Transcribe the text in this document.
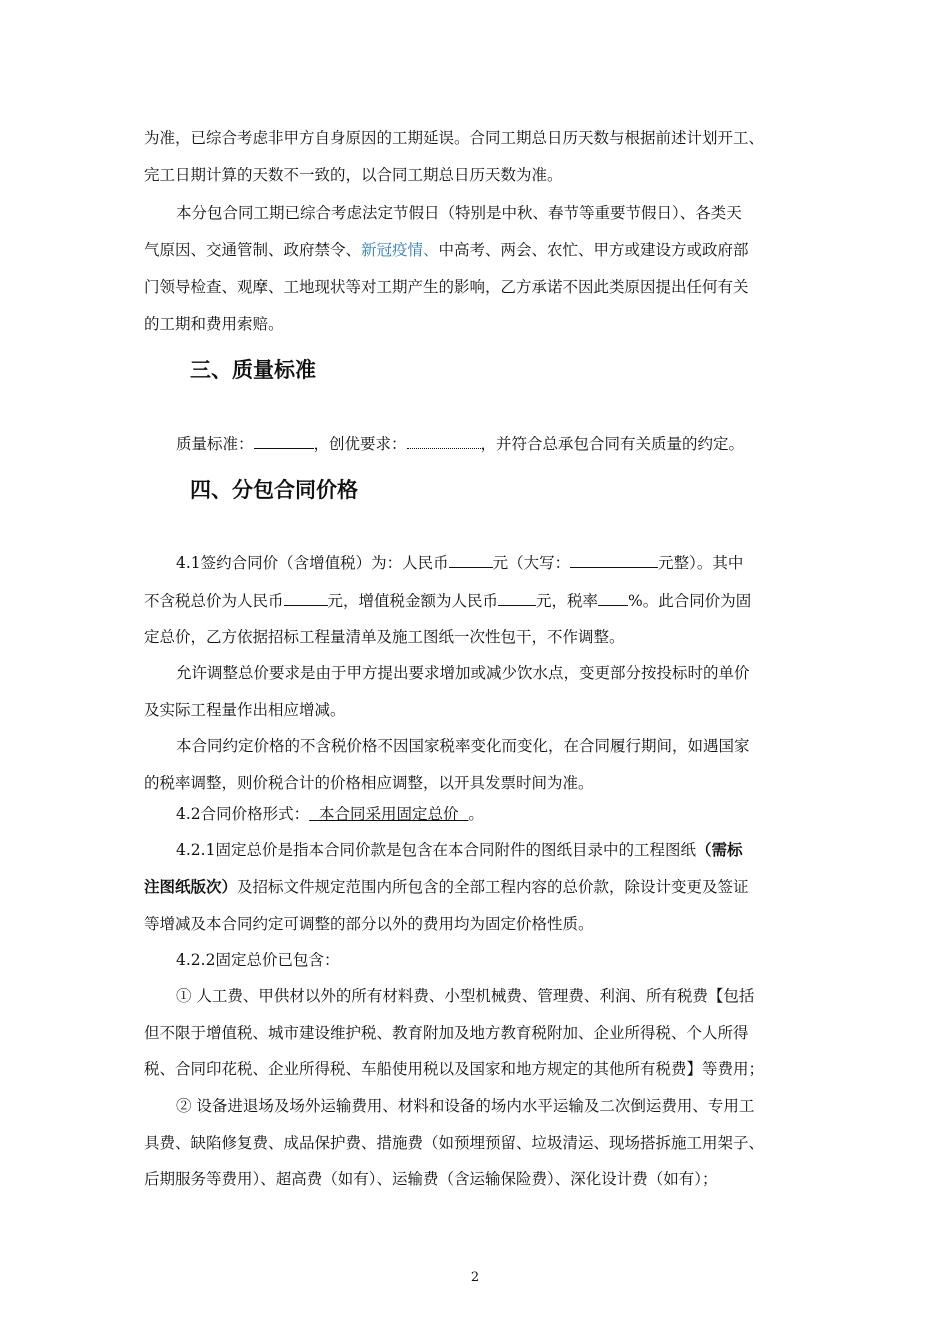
为准，已综合考虑非甲方自身原因的工期延误。合同工期总日历天数与根据前述计划开工、
完工日期计算的天数不一致的，以合同工期总日历天数为准。
本分包合同工期已综合考虑法定节假日（特别是中秋、春节等重要节假日）、各类天
气原因、交通管制、政府禁令、新冠疫情、中高考、两会、农忙、甲方或建设方或政府部
门领导检查、观摩、工地现状等对工期产生的影响，乙方承诺不因此类原因提出任何有关
的工期和费用索赔。
三、质量标准
质量标准：	，创优要求：	，并符合总承包合同有关质量的约定。
四、分包合同价格
4.1签约合同价（含增值税）为：人民币	元（大写：	元整）。其中
不含税总价为人民币	元，增值税金额为人民币 元，税率 %。此合同价为固
定总价，乙方依据招标工程量清单及施工图纸一次性包干，不作调整。
允许调整总价要求是由于甲方提出要求增加或减少饮水点，变更部分按投标时的单价
及实际工程量作出相应增减。
本合同约定价格的不含税价格不因国家税率变化而变化，在合同履行期间，如遇国家
的税率调整，则价税合计的价格相应调整，以开具发票时间为准。
4.2合同价格形式：  本合同采用固定总价  。
4.2.1固定总价是指本合同价款是包含在本合同附件的图纸目录中的工程图纸（需标
注图纸版次）及招标文件规定范围内所包含的全部工程内容的总价款，除设计变更及签证
等增减及本合同约定可调整的部分以外的费用均为固定价格性质。
4.2.2固定总价已包含：
① 人工费、甲供材以外的所有材料费、小型机械费、管理费、利润、所有税费【包括
但不限于增值税、城市建设维护税、教育附加及地方教育税附加、企业所得税、个人所得
税、合同印花税、企业所得税、车船使用税以及国家和地方规定的其他所有税费】等费用；
② 设备进退场及场外运输费用、材料和设备的场内水平运输及二次倒运费用、专用工
具费、缺陷修复费、成品保护费、措施费（如预埋预留、垃圾清运、现场搭拆施工用架子、
后期服务等费用）、超高费（如有）、运输费（含运输保险费）、深化设计费（如有）；
2
